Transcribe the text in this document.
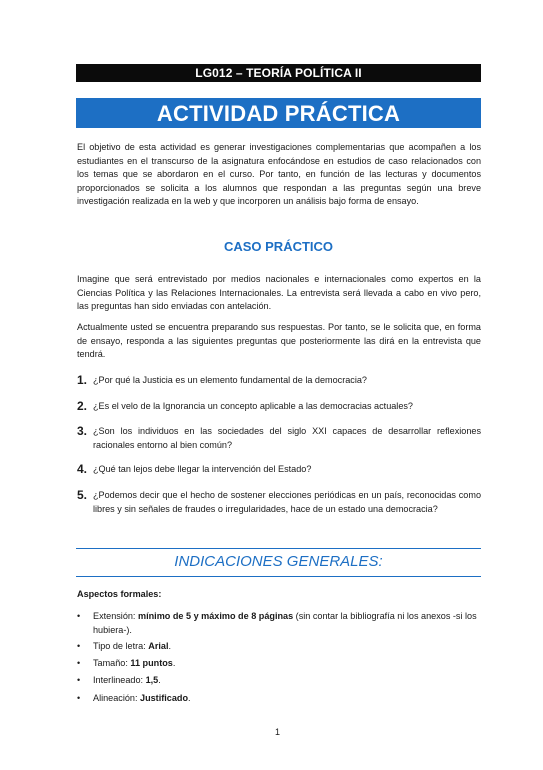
LG012 – TEORÍA POLÍTICA II
ACTIVIDAD PRÁCTICA

El objetivo de esta actividad es generar investigaciones complementarias que acompañen a los estudiantes en el transcurso de la asignatura enfocándose en estudios de caso relacionados con los temas que se abordaron en el curso. Por tanto, en función de las lecturas y documentos proporcionados se solicita a los alumnos que respondan a las preguntas según una breve investigación realizada en la web y que incorporen un análisis bajo forma de ensayo.

CASO PRÁCTICO

Imagine que será entrevistado por medios nacionales e internacionales como expertos en la Ciencias Política y las Relaciones Internacionales. La entrevista será llevada a cabo en vivo pero, las preguntas han sido enviadas con antelación.

Actualmente usted se encuentra preparando sus respuestas. Por tanto, se le solicita que, en forma de ensayo, responda a las siguientes preguntas que posteriormente las dirá en la entrevista que tendrá.

1. ¿Por qué la Justicia es un elemento fundamental de la democracia?
2. ¿Es el velo de la Ignorancia un concepto aplicable a las democracias actuales?
3. ¿Son los individuos en las sociedades del siglo XXI capaces de desarrollar reflexiones racionales entorno al bien común?
4. ¿Qué tan lejos debe llegar la intervención del Estado?
5. ¿Podemos decir que el hecho de sostener elecciones periódicas en un país, reconocidas como libres y sin señales de fraudes o irregularidades, hace de un estado una democracia?
INDICACIONES GENERALES:
Aspectos formales:
• Extensión: mínimo de 5 y máximo de 8 páginas (sin contar la bibliografía ni los anexos -si los hubiera-).
• Tipo de letra: Arial.
• Tamaño: 11 puntos.
• Interlineado: 1,5.
• Alineación: Justificado.
1
